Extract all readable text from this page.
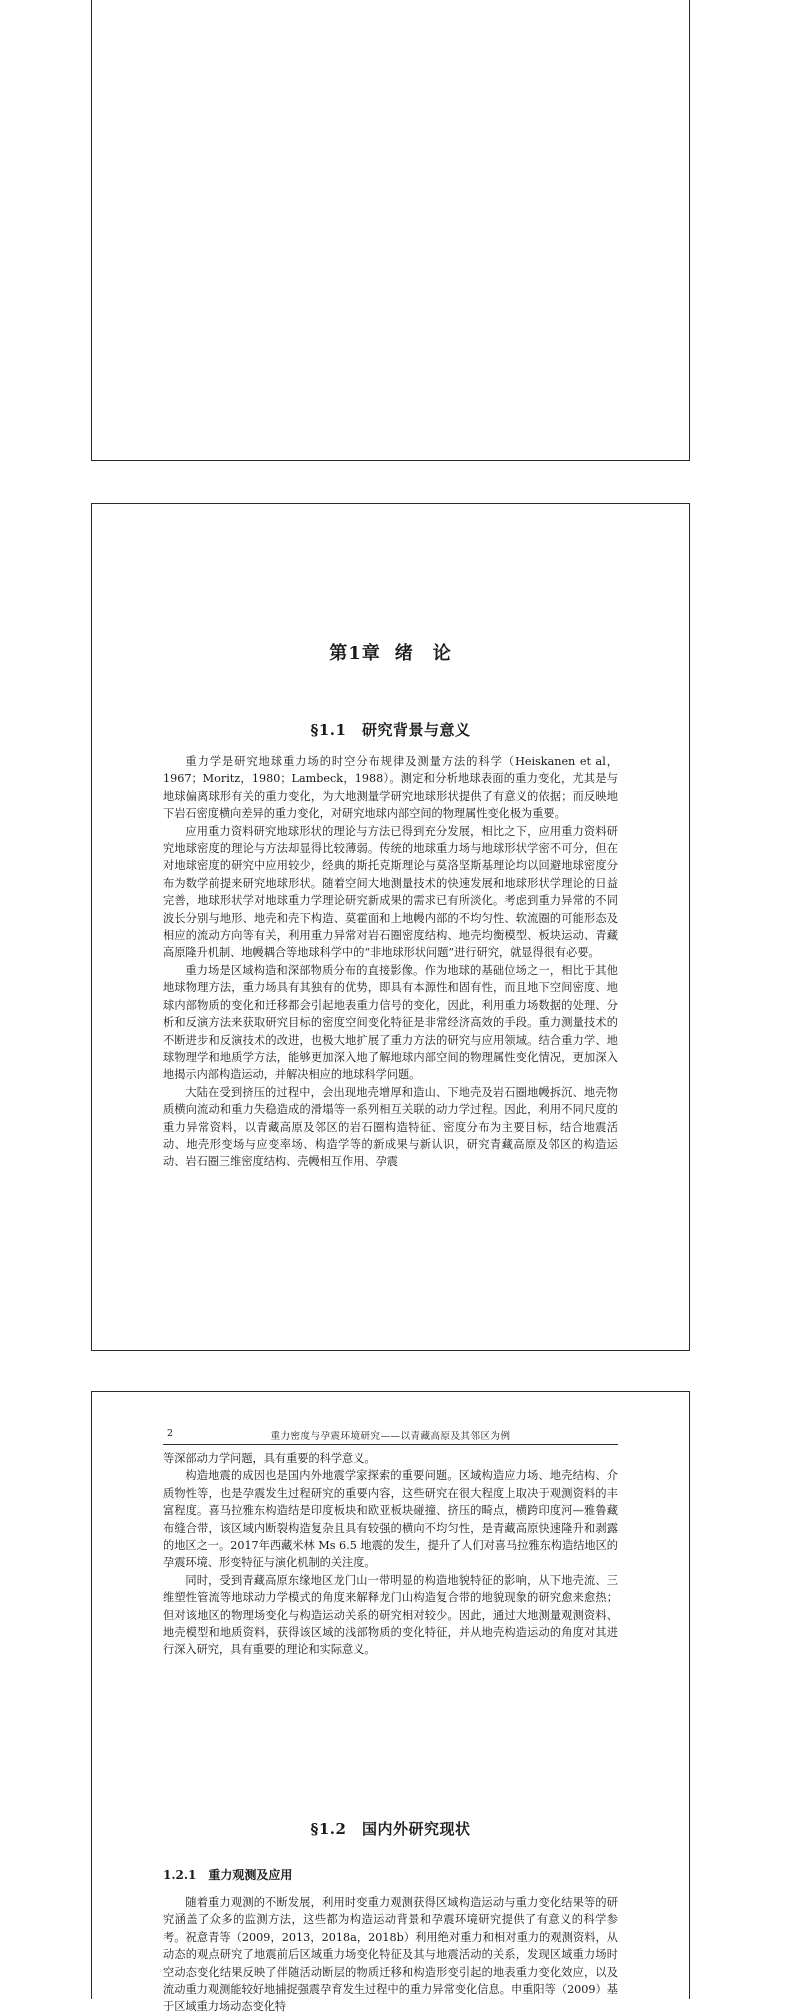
第1章 绪　论
§1.1　研究背景与意义

重力学是研究地球重力场的时空分布规律及测量方法的科学（Heiskanen et al，1967；Moritz，1980；Lambeck，1988）。测定和分析地球表面的重力变化，尤其是与地球偏离球形有关的重力变化，为大地测量学研究地球形状提供了有意义的依据；而反映地下岩石密度横向差异的重力变化，对研究地球内部空间的物理属性变化极为重要。

应用重力资料研究地球形状的理论与方法已得到充分发展，相比之下，应用重力资料研究地球密度的理论与方法却显得比较薄弱。传统的地球重力场与地球形状学密不可分，但在对地球密度的研究中应用较少，经典的斯托克斯理论与莫洛坚斯基理论均以回避地球密度分布为数学前提来研究地球形状。随着空间大地测量技术的快速发展和地球形状学理论的日益完善，地球形状学对地球重力学理论研究新成果的需求已有所淡化。考虑到重力异常的不同波长分别与地形、地壳和壳下构造、莫霍面和上地幔内部的不均匀性、软流圈的可能形态及相应的流动方向等有关，利用重力异常对岩石圈密度结构、地壳均衡模型、板块运动、青藏高原隆升机制、地幔耦合等地球科学中的“非地球形状问题”进行研究，就显得很有必要。

重力场是区域构造和深部物质分布的直接影像。作为地球的基础位场之一，相比于其他地球物理方法，重力场具有其独有的优势，即具有本源性和固有性，而且地下空间密度、地球内部物质的变化和迁移都会引起地表重力信号的变化，因此，利用重力场数据的处理、分析和反演方法来获取研究目标的密度空间变化特征是非常经济高效的手段。重力测量技术的不断进步和反演技术的改进，也极大地扩展了重力方法的研究与应用领域。结合重力学、地球物理学和地质学方法，能够更加深入地了解地球内部空间的物理属性变化情况，更加深入地揭示内部构造运动，并解决相应的地球科学问题。

大陆在受到挤压的过程中，会出现地壳增厚和造山、下地壳及岩石圈地幔拆沉、地壳物质横向流动和重力失稳造成的滑塌等一系列相互关联的动力学过程。因此，利用不同尺度的重力异常资料，以青藏高原及邻区的岩石圈构造特征、密度分布为主要目标，结合地震活动、地壳形变场与应变率场、构造学等的新成果与新认识，研究青藏高原及邻区的构造运动、岩石圈三维密度结构、壳幔相互作用、孕震

2	重力密度与孕震环境研究——以青藏高原及其邻区为例

等深部动力学问题，具有重要的科学意义。

构造地震的成因也是国内外地震学家探索的重要问题。区域构造应力场、地壳结构、介质物性等，也是孕震发生过程研究的重要内容，这些研究在很大程度上取决于观测资料的丰富程度。喜马拉雅东构造结是印度板块和欧亚板块碰撞、挤压的畸点，横跨印度河—雅鲁藏布缝合带，该区域内断裂构造复杂且具有较强的横向不均匀性，是青藏高原快速隆升和剥露的地区之一。2017年西藏米林 Ms 6.5 地震的发生，提升了人们对喜马拉雅东构造结地区的孕震环境、形变特征与演化机制的关注度。

同时，受到青藏高原东缘地区龙门山一带明显的构造地貌特征的影响，从下地壳流、三维塑性管流等地球动力学模式的角度来解释龙门山构造复合带的地貌现象的研究愈来愈热；但对该地区的物理场变化与构造运动关系的研究相对较少。因此，通过大地测量观测资料、地壳模型和地质资料，获得该区域的浅部物质的变化特征，并从地壳构造运动的角度对其进行深入研究，具有重要的理论和实际意义。

§1.2　国内外研究现状
1.2.1 重力观测及应用

随着重力观测的不断发展，利用时变重力观测获得区域构造运动与重力变化结果等的研究涵盖了众多的监测方法，这些都为构造运动背景和孕震环境研究提供了有意义的科学参考。祝意青等（2009，2013，2018a，2018b）利用绝对重力和相对重力的观测资料，从动态的观点研究了地震前后区域重力场变化特征及其与地震活动的关系，发现区域重力场时空动态变化结果反映了伴随活动断层的物质迁移和构造形变引起的地表重力变化效应，以及流动重力观测能较好地捕捉强震孕育发生过程中的重力异常变化信息。申重阳等（2009）基于区域重力场动态变化特
